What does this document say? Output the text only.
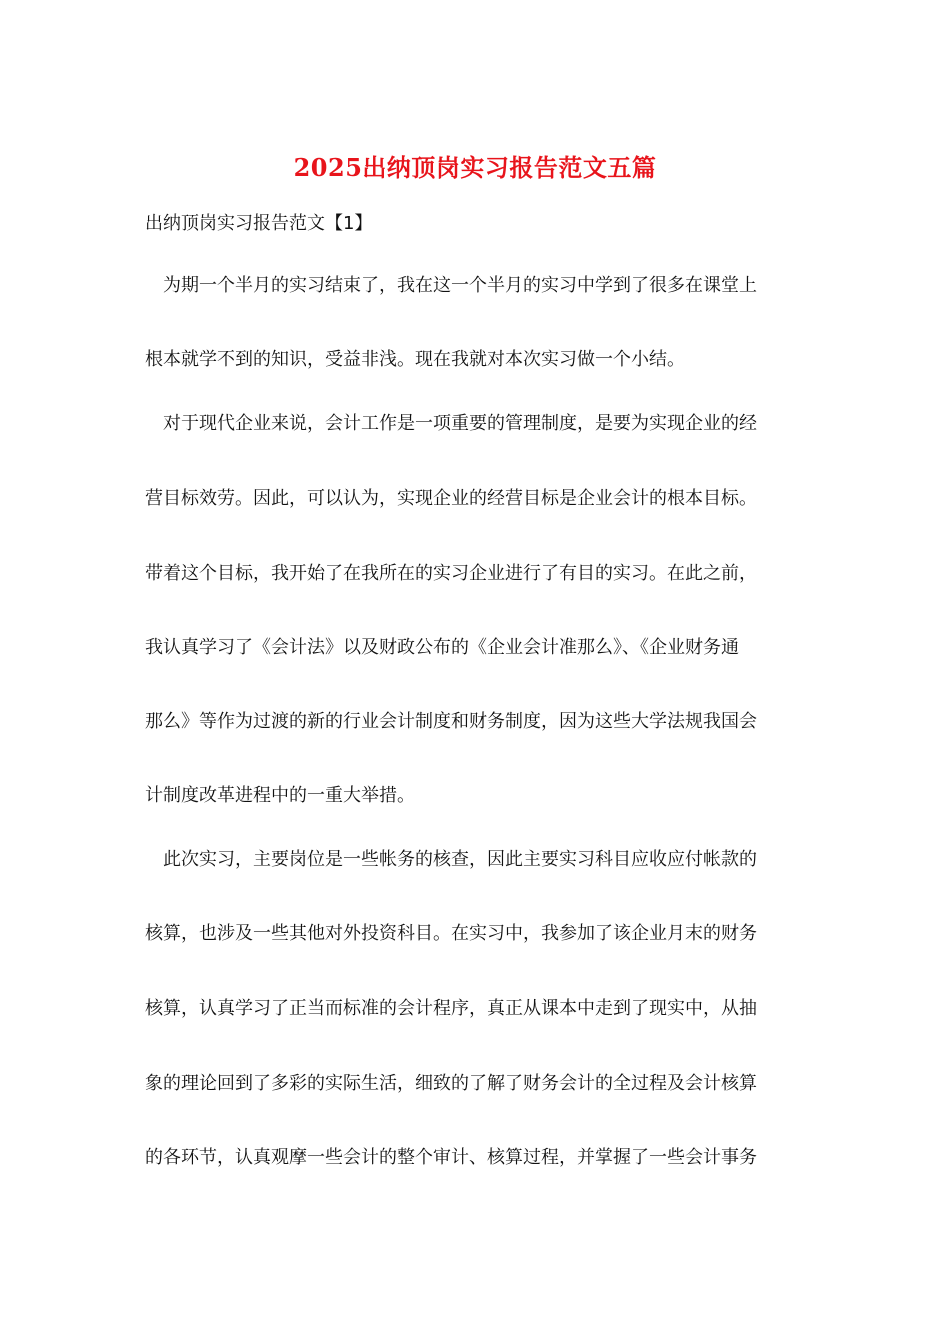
2025出纳顶岗实习报告范文五篇
出纳顶岗实习报告范文【1】
为期一个半月的实习结束了，我在这一个半月的实习中学到了很多在课堂上
根本就学不到的知识，受益非浅。现在我就对本次实习做一个小结。
对于现代企业来说，会计工作是一项重要的管理制度，是要为实现企业的经
营目标效劳。因此，可以认为，实现企业的经营目标是企业会计的根本目标。
带着这个目标，我开始了在我所在的实习企业进行了有目的实习。在此之前，
我认真学习了《会计法》以及财政公布的《企业会计准那么》、《企业财务通
那么》等作为过渡的新的行业会计制度和财务制度，因为这些大学法规我国会
计制度改革进程中的一重大举措。
此次实习，主要岗位是一些帐务的核查，因此主要实习科目应收应付帐款的
核算，也涉及一些其他对外投资科目。在实习中，我参加了该企业月末的财务
核算，认真学习了正当而标准的会计程序，真正从课本中走到了现实中，从抽
象的理论回到了多彩的实际生活，细致的了解了财务会计的全过程及会计核算
的各环节，认真观摩一些会计的整个审计、核算过程，并掌握了一些会计事务
